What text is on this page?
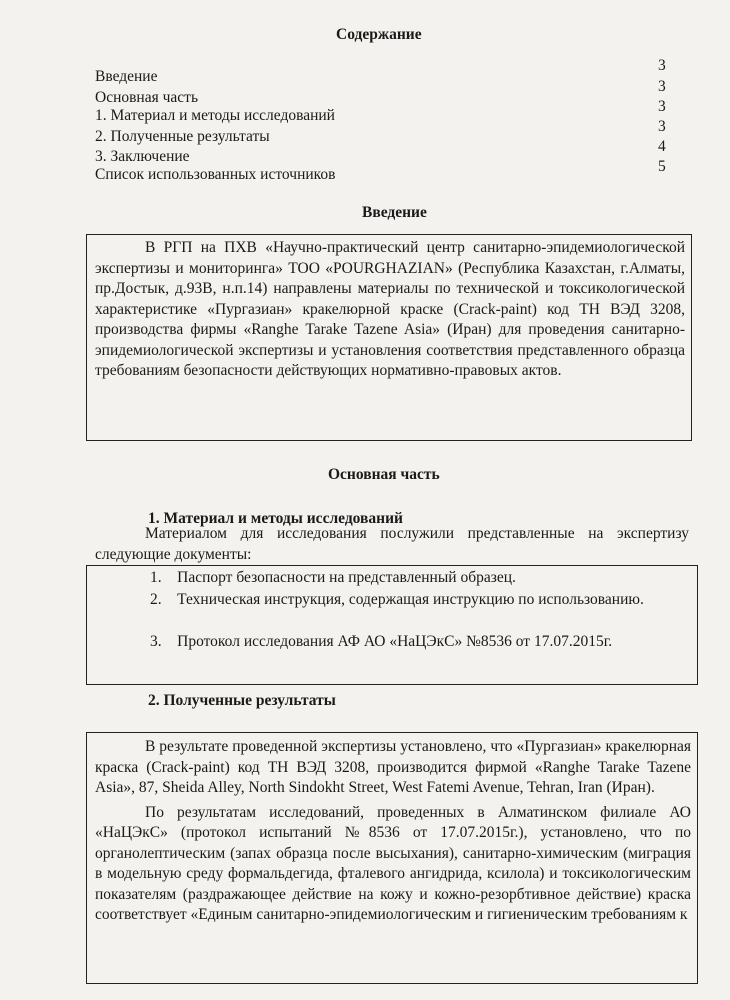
Содержание
Введение
Основная часть
1. Материал и методы исследований
2. Полученные результаты
3. Заключение
Список использованных источников
3
3
3
3
4
5
Введение

В РГП на ПХВ «Научно-практический центр санитарно-эпидемиологической экспертизы и мониторинга» ТОО «POURGHAZIAN» (Республика Казахстан, г.Алматы, пр.Достык, д.93В, н.п.14) направлены материалы по технической и токсикологической характеристике «Пургазиан» кракелюрной краске (Crack-paint) код ТН ВЭД 3208, производства фирмы «Ranghe Tarake Tazene Asia» (Иран) для проведения санитарно-эпидемиологической экспертизы и установления соответствия представленного образца требованиям безопасности действующих нормативно-правовых актов.

Основная часть
1. Материал и методы исследований

Материалом для исследования послужили представленные на экспертизу следующие документы:

1.    Паспорт безопасности на представленный образец.
2.    Техническая инструкция, содержащая инструкцию по использованию.
3.    Протокол исследования АФ АО «НаЦЭкС» №8536 от 17.07.2015г.
2. Полученные результаты

В результате проведенной экспертизы установлено, что «Пургазиан» кракелюрная краска (Crack-paint) код ТН ВЭД 3208, производится фирмой «Ranghe Tarake Tazene Asia», 87, Sheida Alley, North Sindokht Street, West Fatemi Avenue, Tehran, Iran (Иран).

По результатам исследований, проведенных в Алматинском филиале АО «НаЦЭкС» (протокол испытаний №8536 от 17.07.2015г.), установлено, что по органолептическим (запах образца после высыхания), санитарно-химическим (миграция в модельную среду формальдегида, фталевого ангидрида, ксилола) и токсикологическим показателям (раздражающее действие на кожу и кожно-резорбтивное действие) краска соответствует «Единым санитарно-эпидемиологическим и гигиеническим требованиям к
